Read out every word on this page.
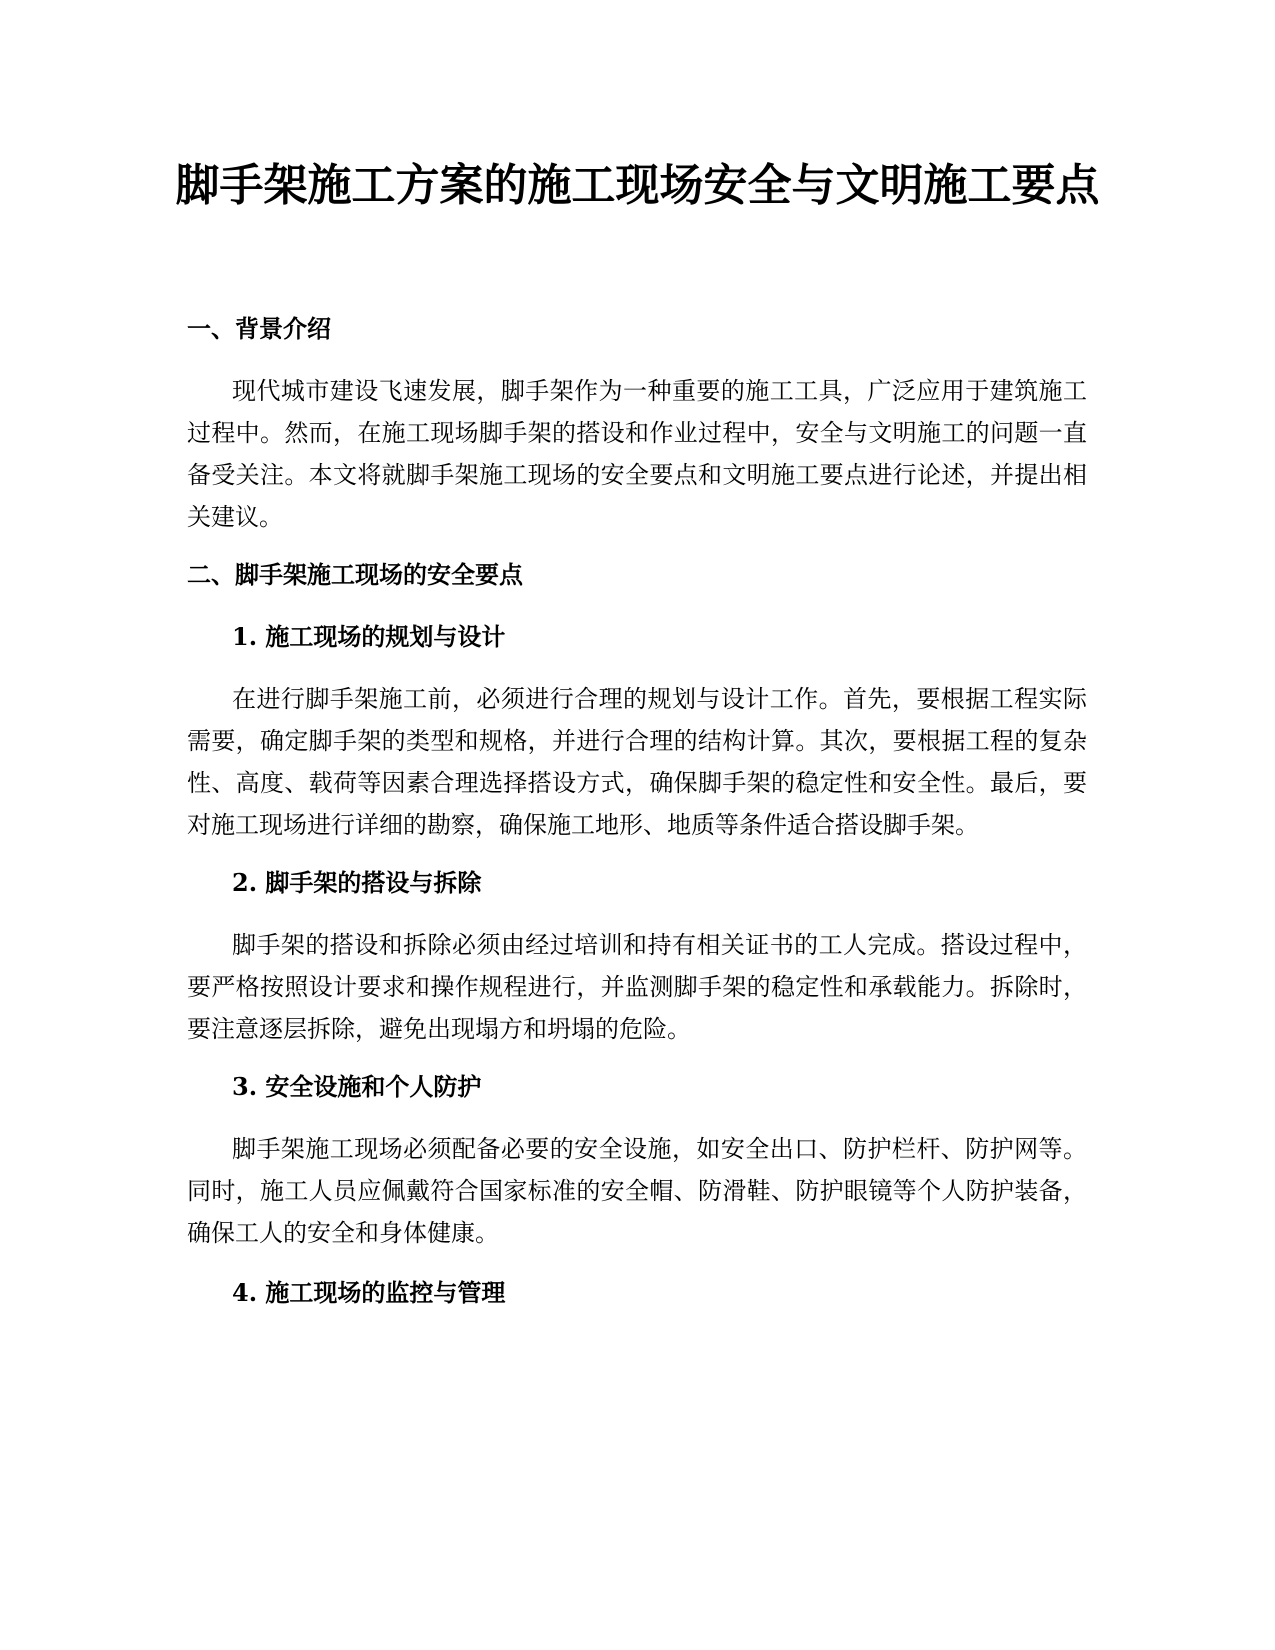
脚手架施工方案的施工现场安全与文明施工要点
一、背景介绍

现代城市建设飞速发展，脚手架作为一种重要的施工工具，广泛应用于建筑施工过程中。然而，在施工现场脚手架的搭设和作业过程中，安全与文明施工的问题一直备受关注。本文将就脚手架施工现场的安全要点和文明施工要点进行论述，并提出相关建议。

二、脚手架施工现场的安全要点
1. 施工现场的规划与设计

在进行脚手架施工前，必须进行合理的规划与设计工作。首先，要根据工程实际需要，确定脚手架的类型和规格，并进行合理的结构计算。其次，要根据工程的复杂性、高度、载荷等因素合理选择搭设方式，确保脚手架的稳定性和安全性。最后，要对施工现场进行详细的勘察，确保施工地形、地质等条件适合搭设脚手架。

2. 脚手架的搭设与拆除

脚手架的搭设和拆除必须由经过培训和持有相关证书的工人完成。搭设过程中，要严格按照设计要求和操作规程进行，并监测脚手架的稳定性和承载能力。拆除时，要注意逐层拆除，避免出现塌方和坍塌的危险。

3. 安全设施和个人防护

脚手架施工现场必须配备必要的安全设施，如安全出口、防护栏杆、防护网等。同时，施工人员应佩戴符合国家标准的安全帽、防滑鞋、防护眼镜等个人防护装备，确保工人的安全和身体健康。

4. 施工现场的监控与管理
